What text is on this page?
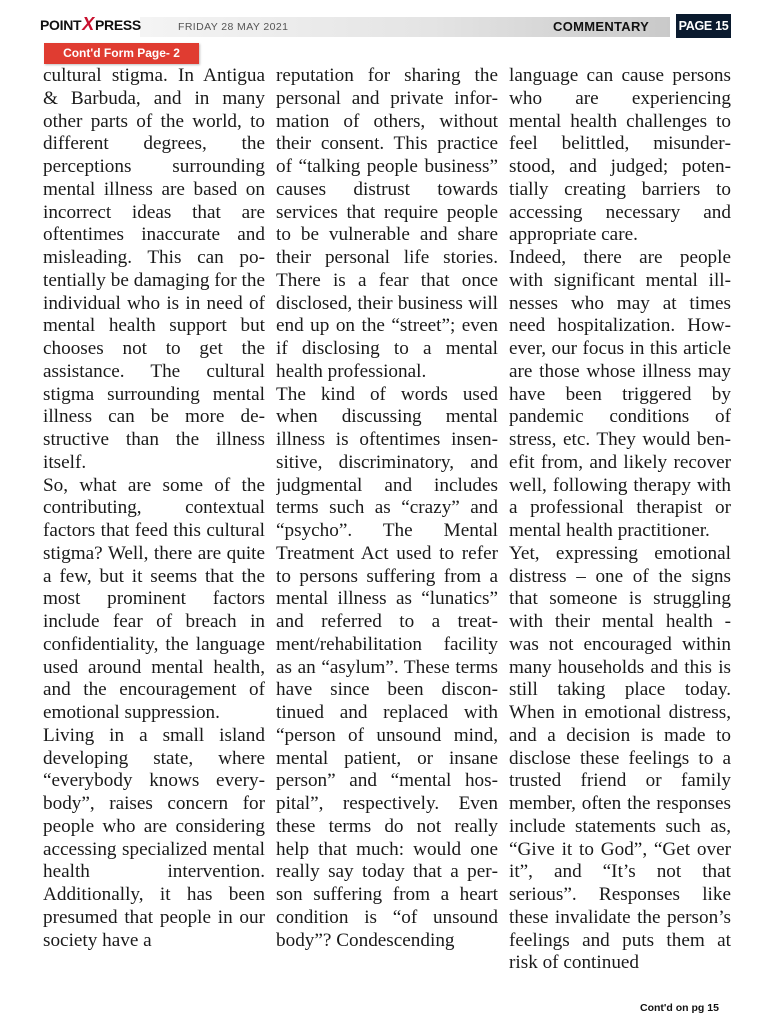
POINTXPRESS	FRIDAY 28 MAY 2021	COMMENTARY PAGE 15
Cont'd Form Page- 2

cultural stigma. In Antigua & Barbuda, and in many other parts of the world, to different degrees, the perceptions surrounding mental illness are based on incorrect ideas that are oftentimes inaccurate and misleading. This can potentially be damaging for the individual who is in need of mental health support but chooses not to get the assistance. The cultural stigma surrounding mental illness can be more destructive than the illness itself.

So, what are some of the contributing, contextual factors that feed this cultural stigma? Well, there are quite a few, but it seems that the most prominent factors include fear of breach in confidentiality, the language used around mental health, and the encouragement of emotional suppression.

Living in a small island developing state, where “everybody knows everybody”, raises concern for people who are considering accessing specialized mental health intervention. Additionally, it has been presumed that people in our society have a

reputation for sharing the personal and private information of others, without their consent. This practice of “talking people business” causes distrust towards services that require people to be vulnerable and share their personal life stories. There is a fear that once disclosed, their business will end up on the “street”; even if disclosing to a mental health professional.

The kind of words used when discussing mental illness is oftentimes insensitive, discriminatory, and judgmental and includes terms such as “crazy” and “psycho”. The Mental Treatment Act used to refer to persons suffering from a mental illness as “lunatics” and referred to a treatment/rehabilitation facility as an “asylum”. These terms have since been discontinued and replaced with “person of unsound mind, mental patient, or insane person” and “mental hospital”, respectively. Even these terms do not really help that much: would one really say today that a person suffering from a heart condition is “of unsound body”? Condescending

language can cause persons who are experiencing mental health challenges to feel belittled, misunderstood, and judged; potentially creating barriers to accessing necessary and appropriate care.

Indeed, there are people with significant mental illnesses who may at times need hospitalization. However, our focus in this article are those whose illness may have been triggered by pandemic conditions of stress, etc. They would benefit from, and likely recover well, following therapy with a professional therapist or mental health practitioner.

Yet, expressing emotional distress – one of the signs that someone is struggling with their mental health - was not encouraged within many households and this is still taking place today. When in emotional distress, and a decision is made to disclose these feelings to a trusted friend or family member, often the responses include statements such as, “Give it to God”, “Get over it”, and “It’s not that serious”. Responses like these invalidate the person’s feelings and puts them at risk of continued

Cont'd on pg 15
